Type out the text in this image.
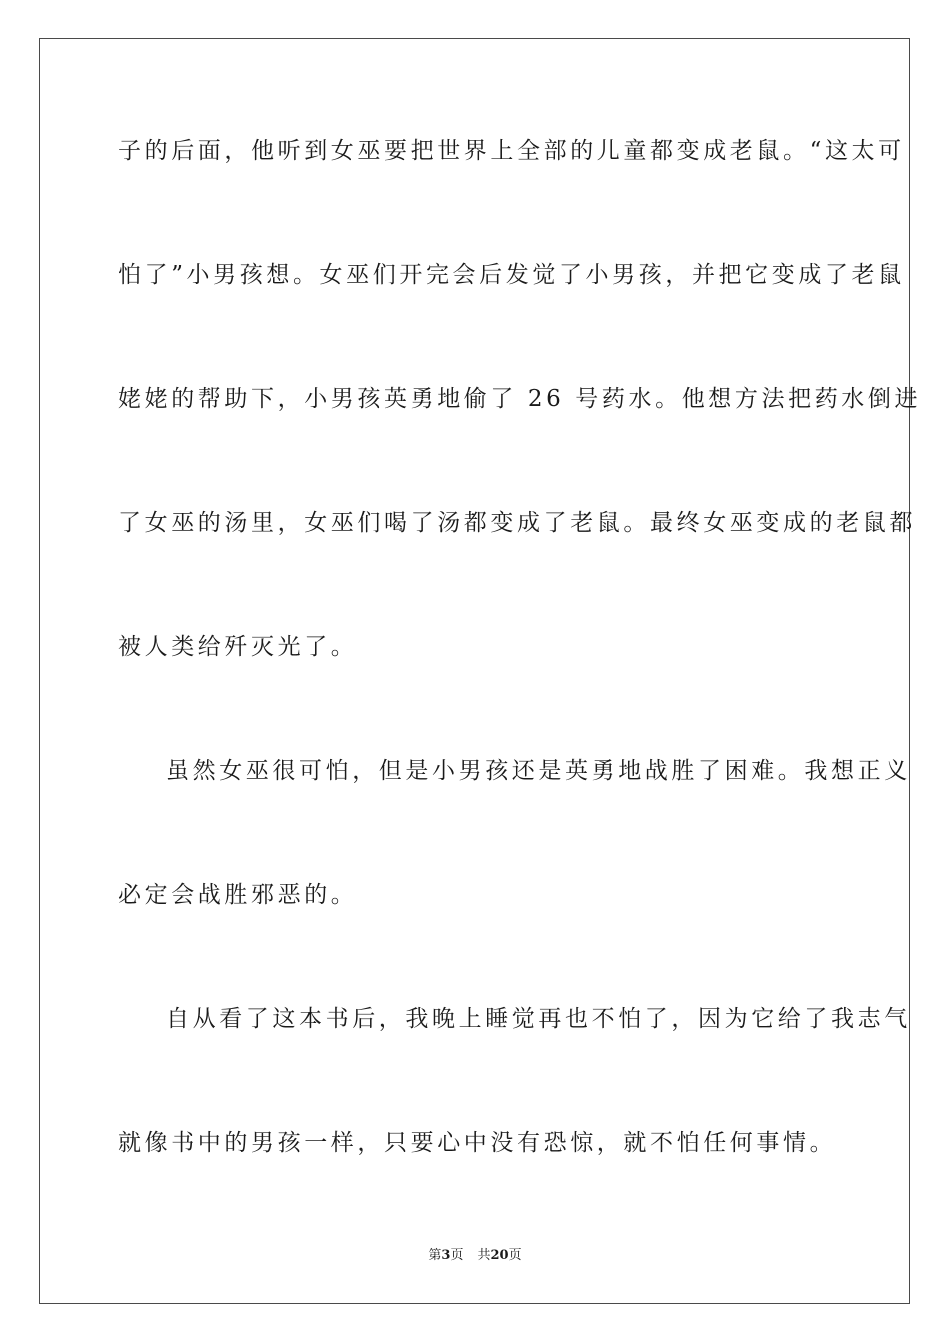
子的后面，他听到女巫要把世界上全部的儿童都变成老鼠。“这太可
怕了”小男孩想。女巫们开完会后发觉了小男孩，并把它变成了老鼠
姥姥的帮助下，小男孩英勇地偷了 26 号药水。他想方法把药水倒进
了女巫的汤里，女巫们喝了汤都变成了老鼠。最终女巫变成的老鼠都
被人类给歼灭光了。
虽然女巫很可怕，但是小男孩还是英勇地战胜了困难。我想正义
必定会战胜邪恶的。
自从看了这本书后，我晚上睡觉再也不怕了，因为它给了我志气
就像书中的男孩一样，只要心中没有恐惊，就不怕任何事情。
第3页 共20页
